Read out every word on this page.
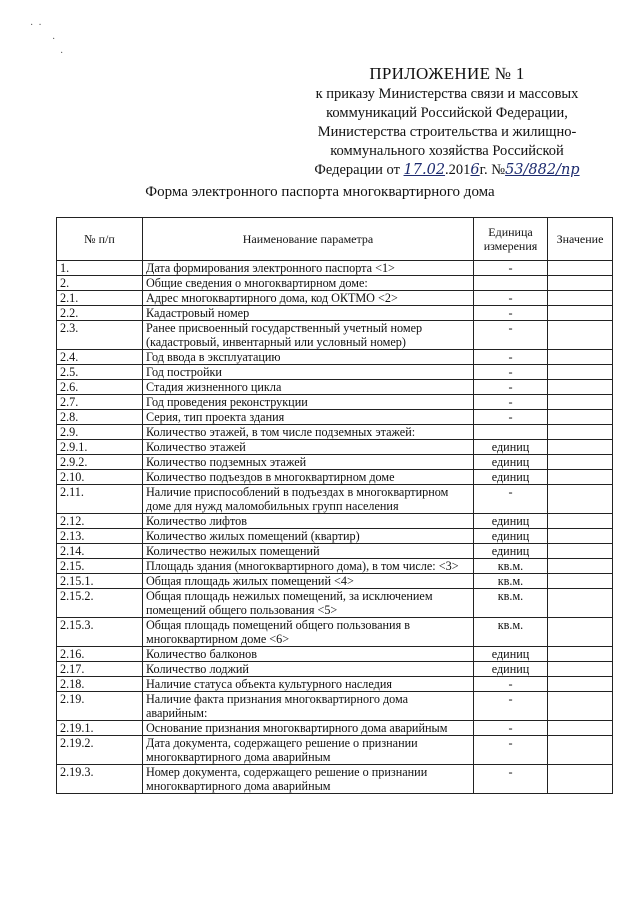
·  ·
·
·
ПРИЛОЖЕНИЕ № 1
к приказу Министерства связи и массовых
коммуникаций Российской Федерации,
Министерства строительства и жилищно-
коммунального хозяйства Российской
Федерации от 17.02.2016г. №53/882/пр
Форма электронного паспорта многоквартирного дома
№ п/п	Наименование параметра	Единица измерения	Значение
1.	Дата формирования электронного паспорта <1>	-	
2.	Общие сведения о многоквартирном доме:		
2.1.	Адрес многоквартирного дома, код ОКТМО <2>	-	
2.2.	Кадастровый номер	-	
2.3.	Ранее присвоенный государственный учетный номер (кадастровый, инвентарный или условный номер)	-	
2.4.	Год ввода в эксплуатацию	-	
2.5.	Год постройки	-	
2.6.	Стадия жизненного цикла	-	
2.7.	Год проведения реконструкции	-	
2.8.	Серия, тип проекта здания	-	
2.9.	Количество этажей, в том числе подземных этажей:		
2.9.1.	Количество этажей	единиц	
2.9.2.	Количество подземных этажей	единиц	
2.10.	Количество подъездов в многоквартирном доме	единиц	
2.11.	Наличие приспособлений в подъездах в многоквартирном доме для нужд маломобильных групп населения	-	
2.12.	Количество лифтов	единиц	
2.13.	Количество жилых помещений (квартир)	единиц	
2.14.	Количество нежилых помещений	единиц	
2.15.	Площадь здания (многоквартирного дома), в том числе: <3>	кв.м.	
2.15.1.	Общая площадь жилых помещений <4>	кв.м.	
2.15.2.	Общая площадь нежилых помещений, за исключением помещений общего пользования <5>	кв.м.	
2.15.3.	Общая площадь помещений общего пользования в многоквартирном доме <6>	кв.м.	
2.16.	Количество балконов	единиц	
2.17.	Количество лоджий	единиц	
2.18.	Наличие статуса объекта культурного наследия	-	
2.19.	Наличие факта признания многоквартирного дома аварийным:	-	
2.19.1.	Основание признания многоквартирного дома аварийным	-	
2.19.2.	Дата документа, содержащего решение о признании многоквартирного дома аварийным	-	
2.19.3.	Номер документа, содержащего решение о признании многоквартирного дома аварийным	-	
